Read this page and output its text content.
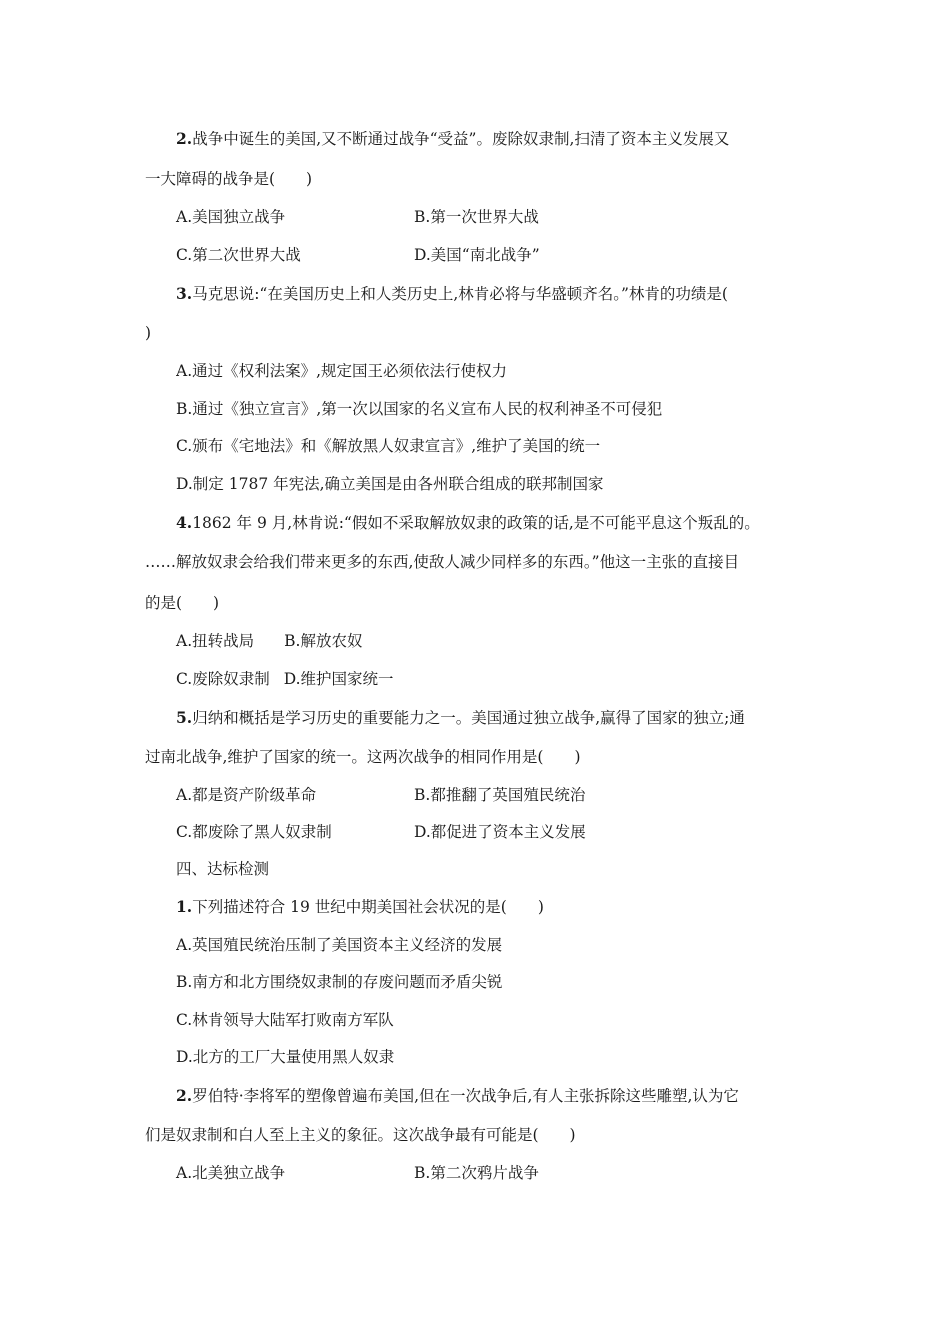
2.战争中诞生的美国,又不断通过战争“受益”。废除奴隶制,扫清了资本主义发展又
一大障碍的战争是(　　)
A.美国独立战争	B.第一次世界大战
C.第二次世界大战	D.美国“南北战争”
3.马克思说:“在美国历史上和人类历史上,林肯必将与华盛顿齐名。”林肯的功绩是(
)
A.通过《权利法案》,规定国王必须依法行使权力
B.通过《独立宣言》,第一次以国家的名义宣布人民的权利神圣不可侵犯
C.颁布《宅地法》和《解放黑人奴隶宣言》,维护了美国的统一
D.制定 1787 年宪法,确立美国是由各州联合组成的联邦制国家
4.1862 年 9 月,林肯说:“假如不采取解放奴隶的政策的话,是不可能平息这个叛乱的。
……解放奴隶会给我们带来更多的东西,使敌人减少同样多的东西。”他这一主张的直接目
的是(　　)
A.扭转战局 B.解放农奴
C.废除奴隶制 D.维护国家统一
5.归纳和概括是学习历史的重要能力之一。美国通过独立战争,赢得了国家的独立;通
过南北战争,维护了国家的统一。这两次战争的相同作用是(　　)
A.都是资产阶级革命	B.都推翻了英国殖民统治
C.都废除了黑人奴隶制	D.都促进了资本主义发展
四、达标检测
1.下列描述符合 19 世纪中期美国社会状况的是(　　)
A.英国殖民统治压制了美国资本主义经济的发展
B.南方和北方围绕奴隶制的存废问题而矛盾尖锐
C.林肯领导大陆军打败南方军队
D.北方的工厂大量使用黑人奴隶
2.罗伯特·李将军的塑像曾遍布美国,但在一次战争后,有人主张拆除这些雕塑,认为它
们是奴隶制和白人至上主义的象征。这次战争最有可能是(　　)
A.北美独立战争	B.第二次鸦片战争
